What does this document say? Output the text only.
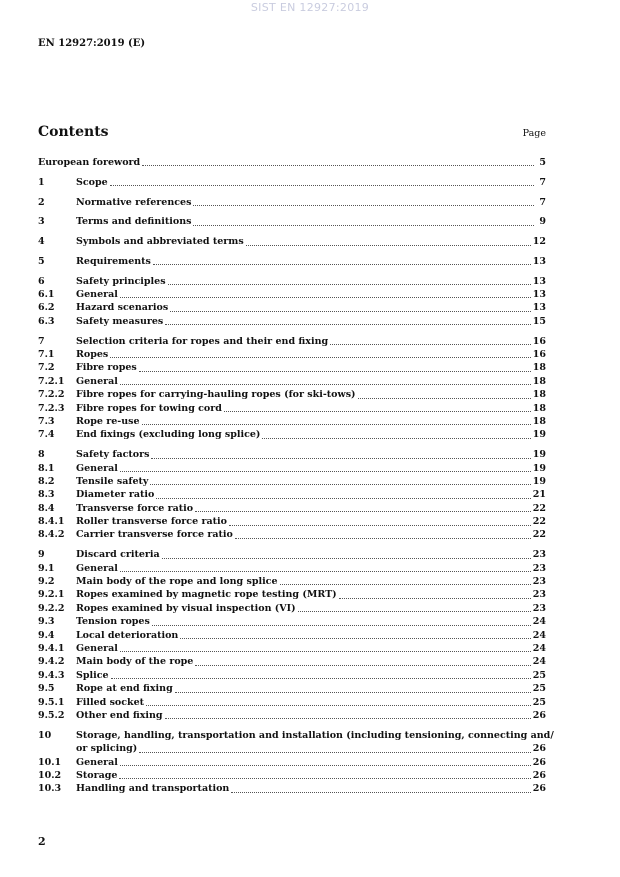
SIST EN 12927:2019
EN 12927:2019 (E)
Contents	Page
European foreword	5
1	Scope	7
2	Normative references	7
3	Terms and definitions	9
4	Symbols and abbreviated terms	12
5	Requirements	13
6	Safety principles	13
6.1	General	13
6.2	Hazard scenarios	13
6.3	Safety measures	15
7	Selection criteria for ropes and their end fixing	16
7.1	Ropes	16
7.2	Fibre ropes	18
7.2.1	General	18
7.2.2	Fibre ropes for carrying-hauling ropes (for ski-tows)	18
7.2.3	Fibre ropes for towing cord	18
7.3	Rope re-use	18
7.4	End fixings (excluding long splice)	19
8	Safety factors	19
8.1	General	19
8.2	Tensile safety	19
8.3	Diameter ratio	21
8.4	Transverse force ratio	22
8.4.1	Roller transverse force ratio	22
8.4.2	Carrier transverse force ratio	22
9	Discard criteria	23
9.1	General	23
9.2	Main body of the rope and long splice	23
9.2.1	Ropes examined by magnetic rope testing (MRT)	23
9.2.2	Ropes examined by visual inspection (VI)	23
9.3	Tension ropes	24
9.4	Local deterioration	24
9.4.1	General	24
9.4.2	Main body of the rope	24
9.4.3	Splice	25
9.5	Rope at end fixing	25
9.5.1	Filled socket	25
9.5.2	Other end fixing	26
10	Storage, handling, transportation and installation (including tensioning, connecting and/
or splicing)	26
10.1	General	26
10.2	Storage	26
10.3	Handling and transportation	26
2
